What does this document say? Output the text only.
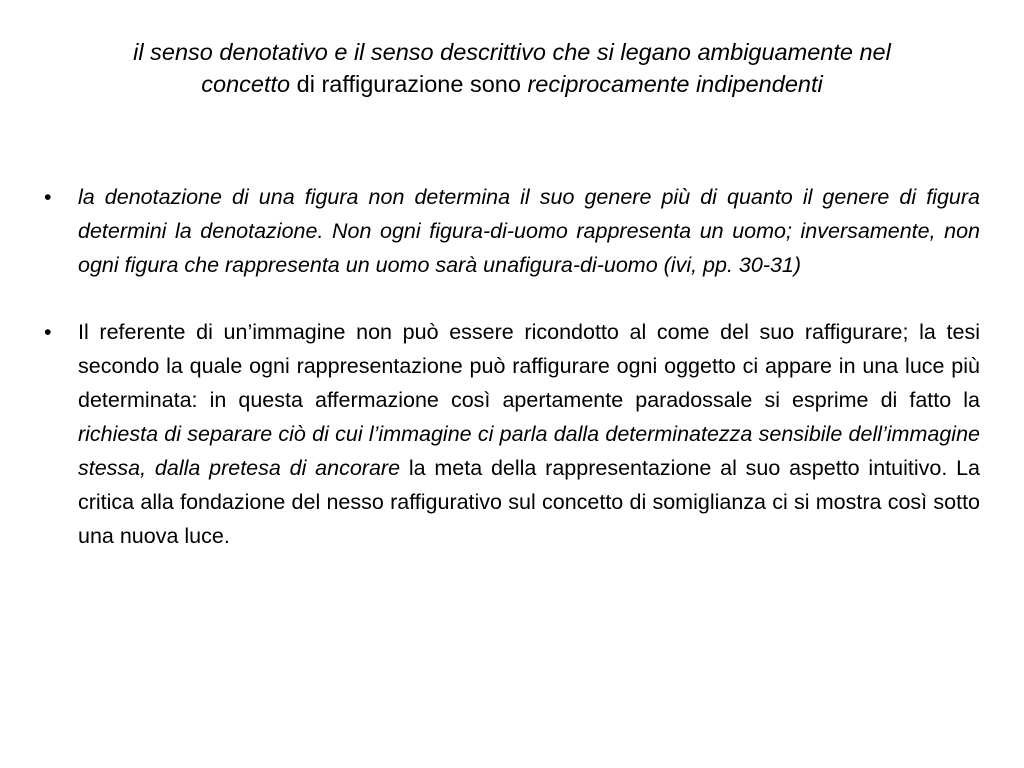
il senso denotativo e il senso descrittivo che si legano ambiguamente nel concetto di raffigurazione sono reciprocamente indipendenti
•	la denotazione di una figura non determina il suo genere più di quanto il genere di figura determini la denotazione. Non ogni figura-di-uomo rappresenta un uomo; inversamente, non ogni figura che rappresenta un uomo sarà unafigura-di-uomo (ivi, pp. 30-31)
•	Il referente di un’immagine non può essere ricondotto al come del suo raffigurare; la tesi secondo la quale ogni rappresentazione può raffigurare ogni oggetto ci appare in una luce più determinata: in questa affermazione così apertamente paradossale si esprime di fatto la richiesta di separare ciò di cui l’immagine ci parla dalla determinatezza sensibile dell’immagine stessa, dalla pretesa di ancorare la meta della rappresentazione al suo aspetto intuitivo. La critica alla fondazione del nesso raffigurativo sul concetto di somiglianza ci si mostra così sotto una nuova luce.
